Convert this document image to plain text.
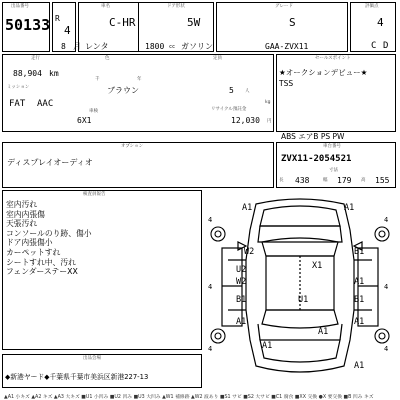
出品番号
50133 R
4
8
車名
C-HR
月 レンタ
ドア形状
5W
1800 cc ガソリン
グレード
S
GAA-ZVX11
評価点
4
C D
走行	色	定員
88,904 km
千	年
ブラウン	5 人
ミッション
FAT AAC	kg
車検	リサイクル預託金
6X1	12,030 円
セールスポイント
★オークションデビュー★
TSS
ABS エアB PS PW
オプション
ディスプレイオーディオ
車台番号
ZVX11-2054521
寸法
長 438	幅 179 高 155
検査員報告
室内汚れ
室内内張傷
天張汚れ
コンソールのり跡、傷小
ドア内張傷小
カーペットすれ
シートすれ中、汚れ
フェンダーステーXX
出品会場
◆新港ヤード◆千葉県千葉市美浜区新港227-13
A1	A1
W2	B1
X1
U2
W2	A1
B1	U1	B1
A1
A1
A1
A1
A1
4	4
4	4
4	4
▲A1 小キズ ▲A2 キズ ▲A3 大キズ ■U1 小凹み ■U2 凹み ■U3 大凹み ▲W1 補修跡 ▲W2 波あり ■S1 サビ ■S2 大サビ ■C1 腐食 ■XX 交換 ●X 要交換 ■B 凹み キズ
